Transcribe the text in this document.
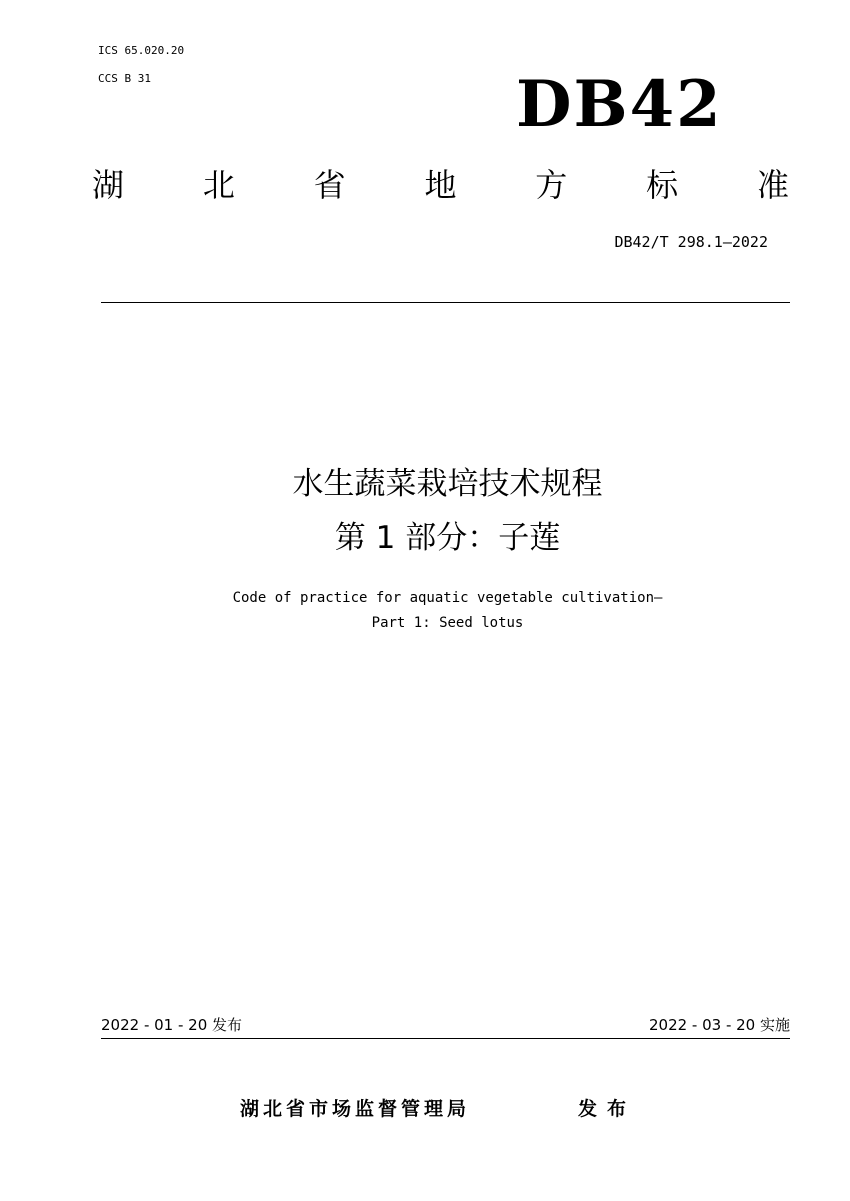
ICS 65.020.20
CCS B 31	DB42
湖 北 省 地 方 标 准
DB42/T 298.1—2022
水生蔬菜栽培技术规程
第 1 部分：子莲
Code of practice for aquatic vegetable cultivation—
Part 1: Seed lotus
2022 - 01 - 20 发布	2022 - 03 - 20 实施
湖北省市场监督管理局	发布
